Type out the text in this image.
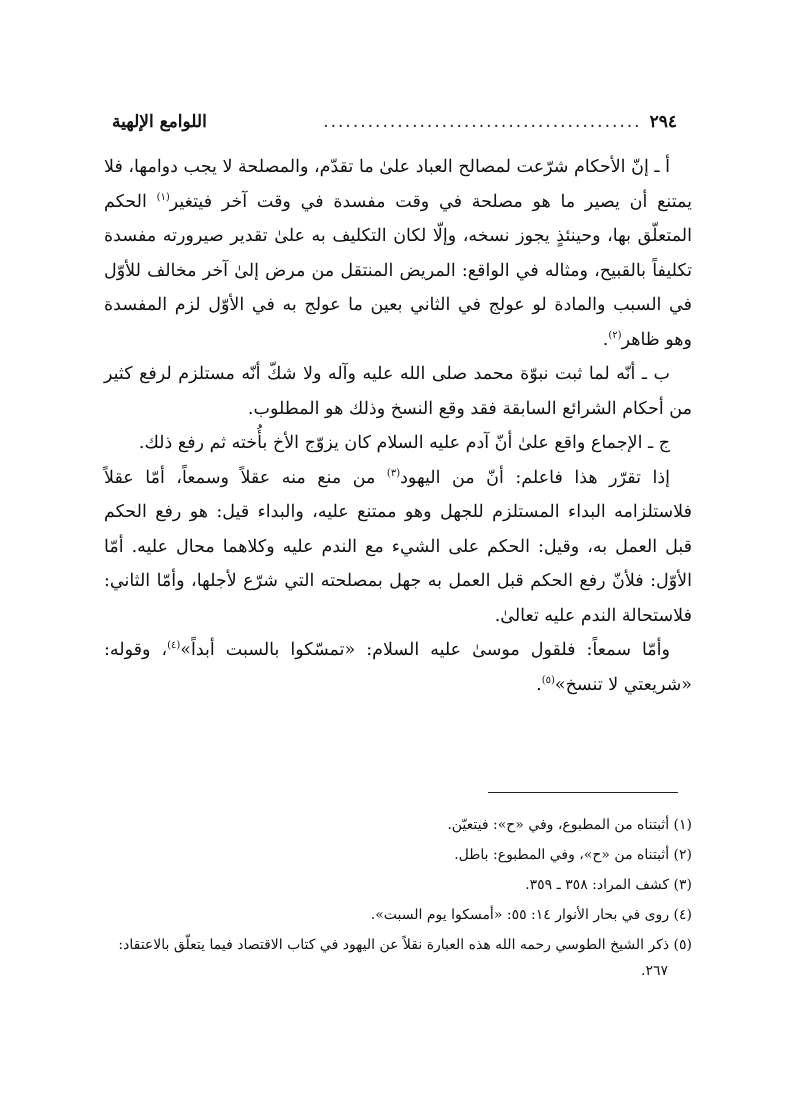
٢٩٤
...........................................
اللوامع الإلهية

أ ـ إنّ الأحكام شرّعت لمصالح العباد علىٰ ما تقدّم، والمصلحة لا يجب دوامها، فلا يمتنع أن يصير ما هو مصلحة في وقت مفسدة في وقت آخر فيتغير$^{(١)}$ الحكم المتعلّق بها، وحينئذٍ يجوز نسخه، وإلّا لكان التكليف به علىٰ تقدير صيرورته مفسدة تكليفاً بالقبيح، ومثاله في الواقع: المريض المنتقل من مرض إلىٰ آخر مخالف للأوّل في السبب والمادة لو عولج في الثاني بعين ما عولج به في الأوّل لزم المفسدة وهو ظاهر$^{(٢)}$.

ب ـ أنّه لما ثبت نبوّة محمد صلى الله عليه وآله ولا شكّ أنّه مستلزم لرفع كثير من أحكام الشرائع السابقة فقد وقع النسخ وذلك هو المطلوب.

ج ـ الإجماع واقع علىٰ أنّ آدم عليه السلام كان يزوّج الأخ بأُخته ثم رفع ذلك.

إذا تقرّر هذا فاعلم: أنّ من اليهود$^{(٣)}$ من منع منه عقلاً وسمعاً، أمّا عقلاً فلاستلزامه البداء المستلزم للجهل وهو ممتنع عليه، والبداء قيل: هو رفع الحكم قبل العمل به، وقيل: الحكم على الشيء مع الندم عليه وكلاهما محال عليه. أمّا الأوّل: فلأنّ رفع الحكم قبل العمل به جهل بمصلحته التي شرّع لأجلها، وأمّا الثاني: فلاستحالة الندم عليه تعالىٰ.

وأمّا سمعاً: فلقول موسىٰ عليه السلام: «تمسّكوا بالسبت أبداً»$^{(٤)}$، وقوله: «شريعتي لا تنسخ»$^{(٥)}$.

(١) أثبتناه من المطبوع، وفي «ح»: فيتعيّن.

(٢) أثبتناه من «ح»، وفي المطبوع: باطل.

(٣) كشف المراد: ٣٥٨ ـ ٣٥٩.

(٤) روى في بحار الأنوار ١٤: ٥٥: «أمسكوا يوم السبت».

(٥) ذكر الشيخ الطوسي رحمه الله هذه العبارة نقلاً عن اليهود في كتاب الاقتصاد فيما يتعلّق بالاعتقاد: ٢٦٧.
